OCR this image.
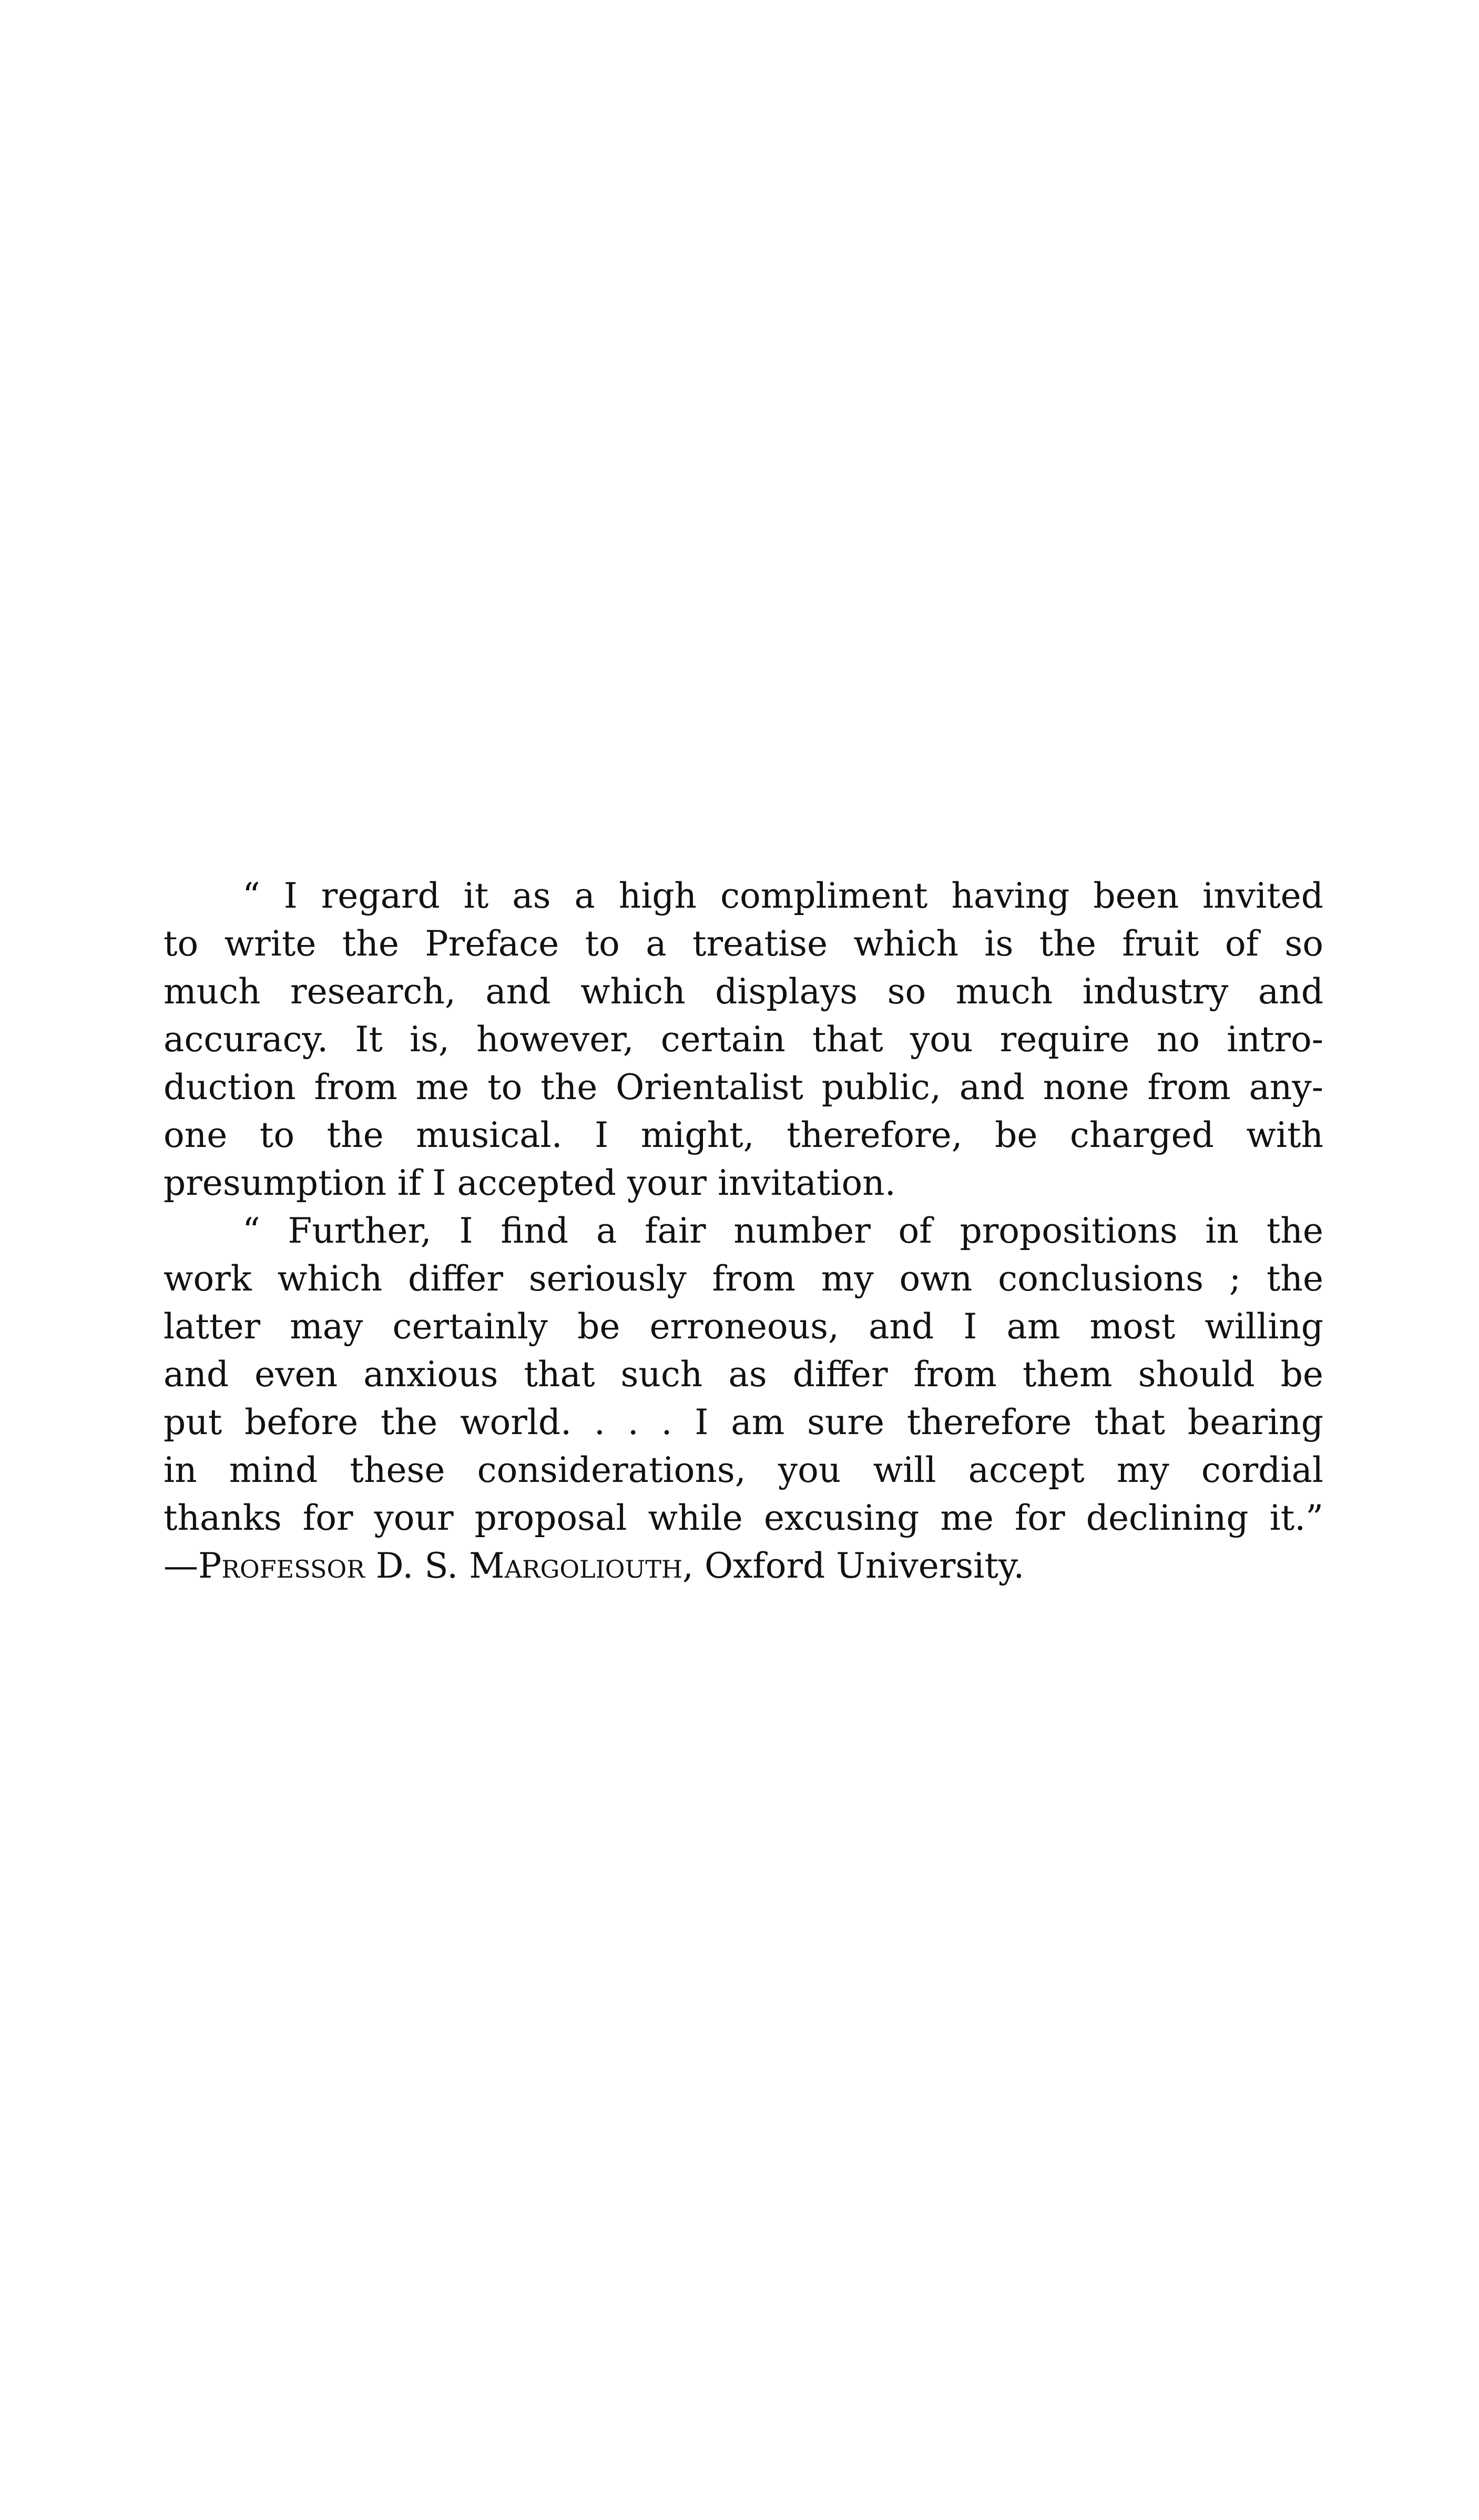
“ I regard it as a high compliment having been invited
to write the Preface to a treatise which is the fruit of so
much research, and which displays so much industry and
accuracy. It is, however, certain that you require no intro-
duction from me to the Orientalist public, and none from any-
one to the musical. I might, therefore, be charged with
presumption if I accepted your invitation.
“ Further, I find a fair number of propositions in the
work which differ seriously from my own conclusions ; the
latter may certainly be erroneous, and I am most willing
and even anxious that such as differ from them should be
put before the world. . . . I am sure therefore that bearing
in mind these considerations, you will accept my cordial
thanks for your proposal while excusing me for declining it.”
—Professor D. S. Margoliouth, Oxford University.
